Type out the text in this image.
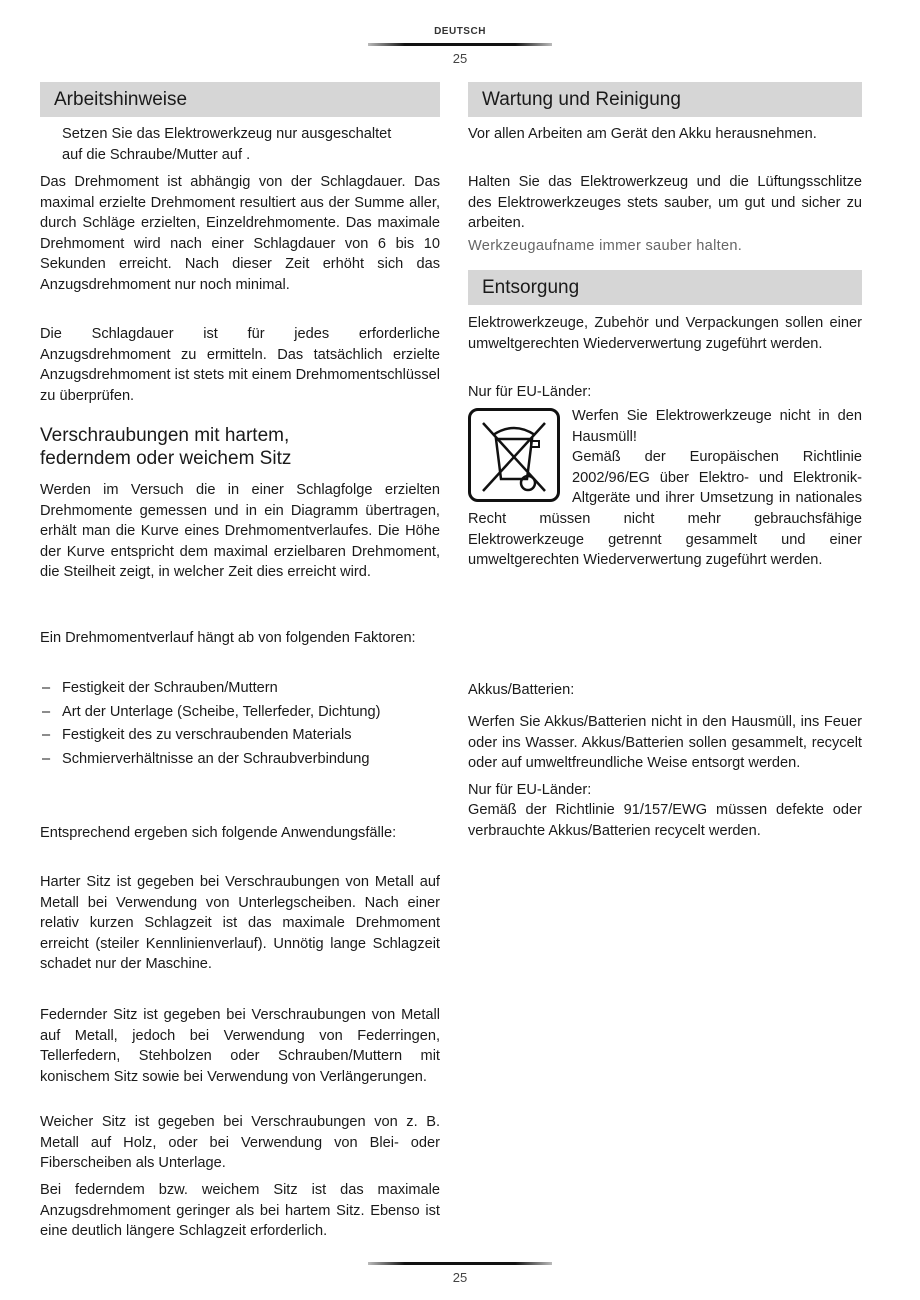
DEUTSCH
25
Arbeitshinweise

Setzen Sie das Elektrowerkzeug nur ausgeschaltet auf die Schraube/Mutter auf .

Das Drehmoment ist abhängig von der Schlagdauer. Das maximal erzielte Drehmoment resultiert aus der Summe aller, durch Schläge erzielten, Einzeldrehmomente. Das maximale Drehmoment wird nach einer Schlagdauer von 6 bis 10 Sekunden erreicht. Nach dieser Zeit erhöht sich das Anzugsdrehmoment nur noch minimal.

Die Schlagdauer ist für jedes erforderliche Anzugsdrehmoment zu ermitteln. Das tatsächlich erzielte Anzugsdrehmoment ist stets mit einem Drehmomentschlüssel zu überprüfen.

Verschraubungen mit hartem, federndem oder weichem Sitz

Werden im Versuch die in einer Schlagfolge erzielten Drehmomente gemessen und in ein Diagramm übertragen, erhält man die Kurve eines Drehmomentverlaufes. Die Höhe der Kurve entspricht dem maximal erzielbaren Drehmoment, die Steilheit zeigt, in welcher Zeit dies erreicht wird.

Ein Drehmomentverlauf hängt ab von folgenden Faktoren:

– Festigkeit der Schrauben/Muttern
– Art der Unterlage (Scheibe, Tellerfeder, Dichtung)
– Festigkeit des zu verschraubenden Materials
– Schmierverhältnisse an der Schraubverbindung

Entsprechend ergeben sich folgende Anwendungsfälle:

Harter Sitz ist gegeben bei Verschraubungen von Metall auf Metall bei Verwendung von Unterlegscheiben. Nach einer relativ kurzen Schlagzeit ist das maximale Drehmoment erreicht (steiler Kennlinienverlauf). Unnötig lange Schlagzeit schadet nur der Maschine.

Federnder Sitz ist gegeben bei Verschraubungen von Metall auf Metall, jedoch bei Verwendung von Federringen, Tellerfedern, Stehbolzen oder Schrauben/Muttern mit konischem Sitz sowie bei Verwendung von Verlängerungen.

Weicher Sitz ist gegeben bei Verschraubungen von z. B. Metall auf Holz, oder bei Verwendung von Blei- oder Fiberscheiben als Unterlage.

Bei federndem bzw. weichem Sitz ist das maximale Anzugsdrehmoment geringer als bei hartem Sitz. Ebenso ist eine deutlich längere Schlagzeit erforderlich.

Wartung und Reinigung

Vor allen Arbeiten am Gerät den Akku herausnehmen.

Halten Sie das Elektrowerkzeug und die Lüftungsschlitze des Elektrowerkzeuges stets sauber, um gut und sicher zu arbeiten.

Werkzeugaufname immer sauber halten.

Entsorgung

Elektrowerkzeuge, Zubehör und Verpackungen sollen einer umweltgerechten Wiederverwertung zugeführt werden.

Nur für EU-Länder:

Werfen Sie Elektrowerkzeuge nicht in den Hausmüll!

Gemäß der Europäischen Richtlinie 2002/96/EG über Elektro- und Elektronik-Altgeräte und ihrer Umsetzung in nationales Recht müssen nicht mehr gebrauchsfähige Elektrowerkzeuge getrennt gesammelt und einer umweltgerechten Wiederverwertung zugeführt werden.

Akkus/Batterien:

Werfen Sie Akkus/Batterien nicht in den Hausmüll, ins Feuer oder ins Wasser. Akkus/Batterien sollen gesammelt, recycelt oder auf umweltfreundliche Weise entsorgt werden.

Nur für EU-Länder:

Gemäß der Richtlinie 91/157/EWG müssen defekte oder verbrauchte Akkus/Batterien recycelt werden.

25
